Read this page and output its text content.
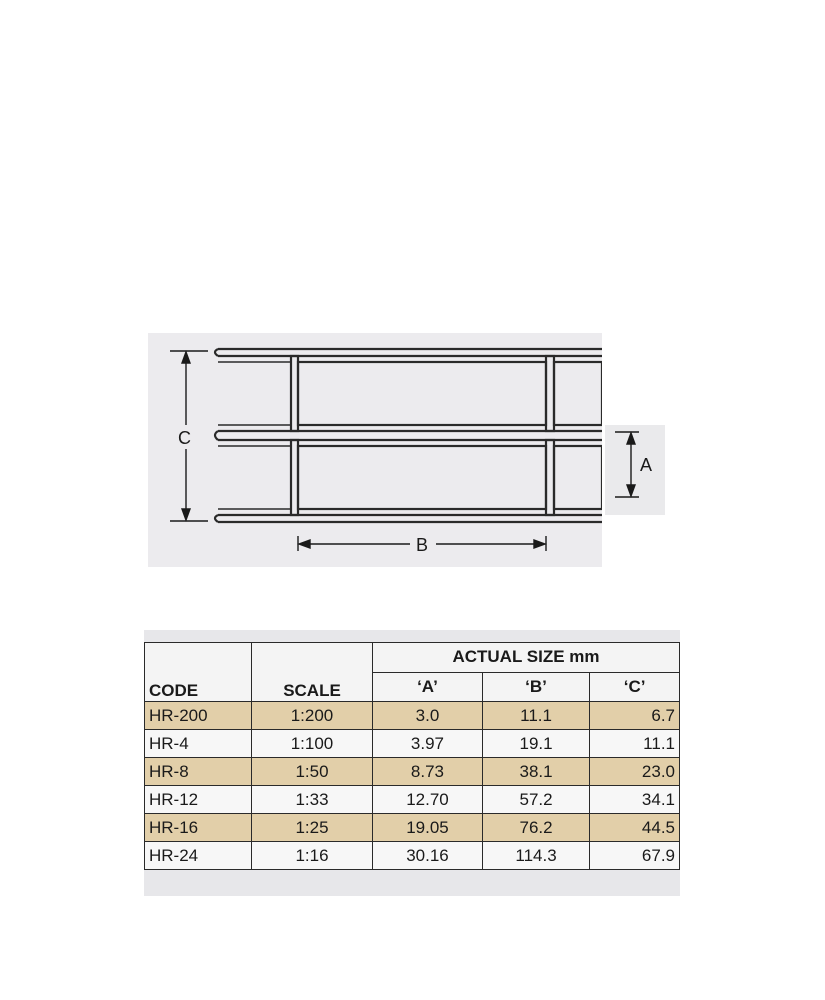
C
A
B
CODE	SCALE	ACTUAL SIZE mm		
		‘A’	‘B’	‘C’
HR-200	1:200	3.0	11.1	6.7
HR-4	1:100	3.97	19.1	11.1
HR-8	1:50	8.73	38.1	23.0
HR-12	1:33	12.70	57.2	34.1
HR-16	1:25	19.05	76.2	44.5
HR-24	1:16	30.16	114.3	67.9
